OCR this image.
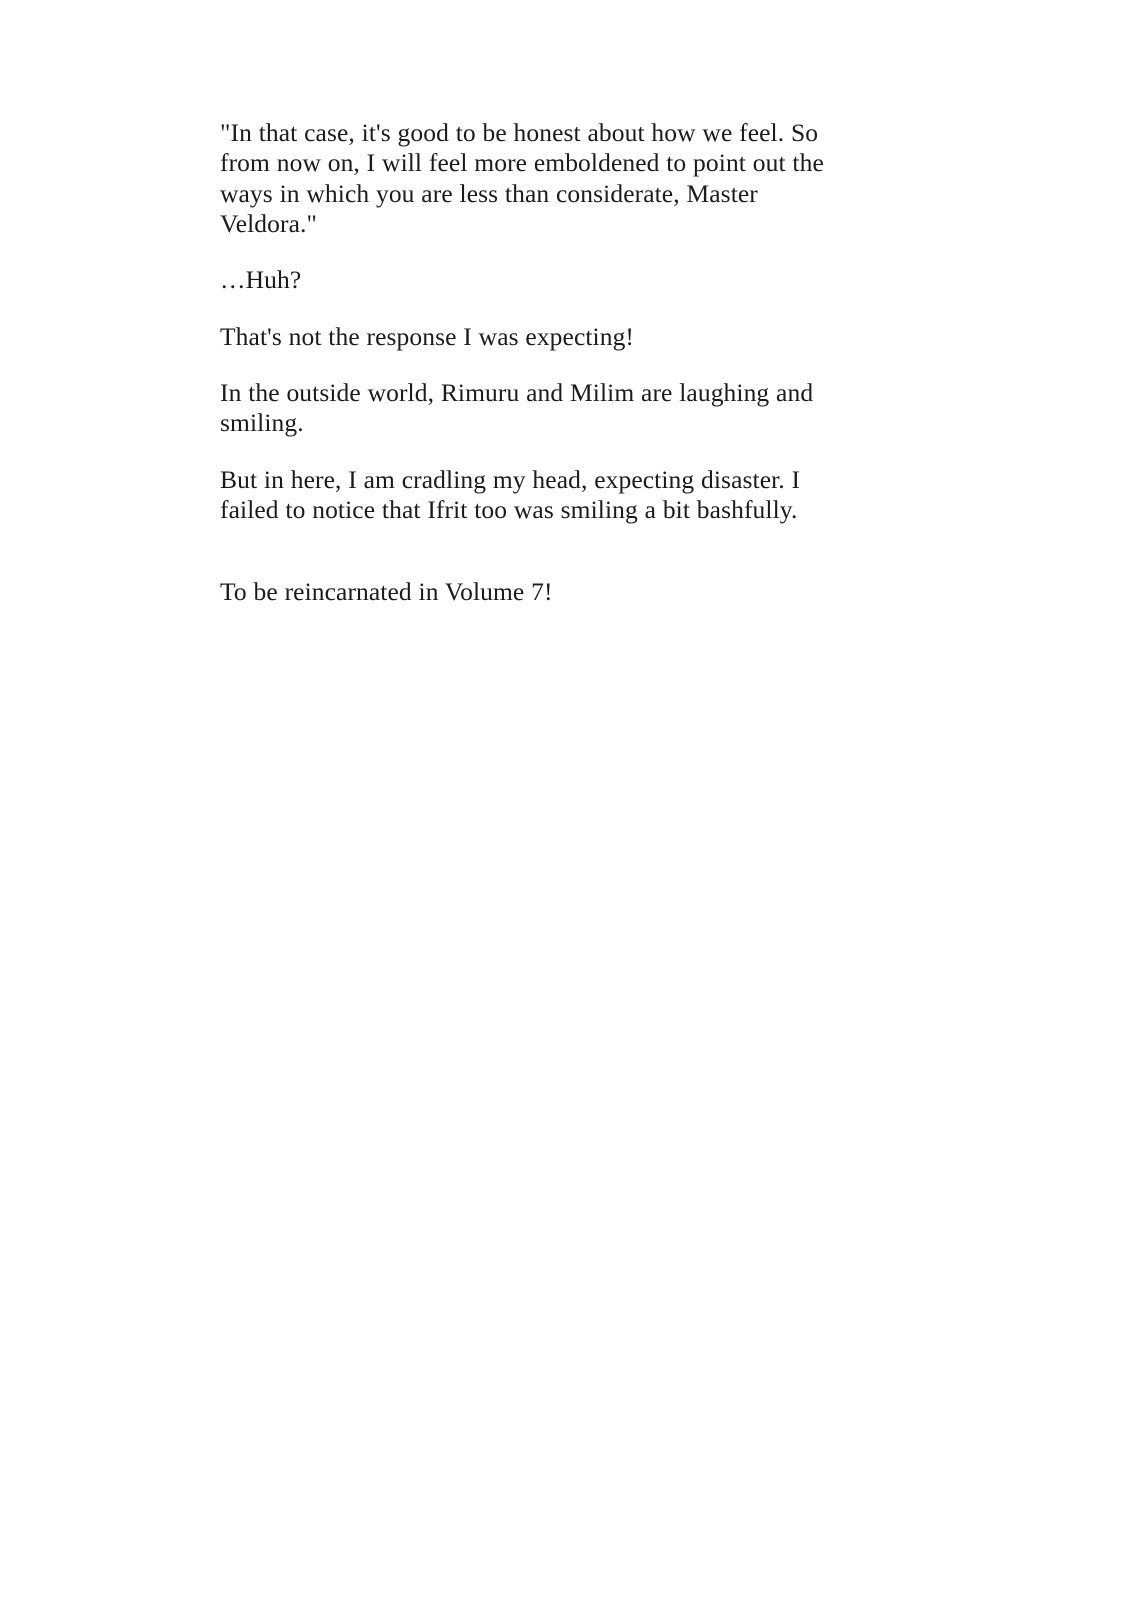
"In that case, it's good to be honest about how we feel. So from now on, I will feel more emboldened to point out the ways in which you are less than considerate, Master Veldora."

…Huh?

That's not the response I was expecting!

In the outside world, Rimuru and Milim are laughing and smiling.

But in here, I am cradling my head, expecting disaster. I failed to notice that Ifrit too was smiling a bit bashfully.

To be reincarnated in Volume 7!
